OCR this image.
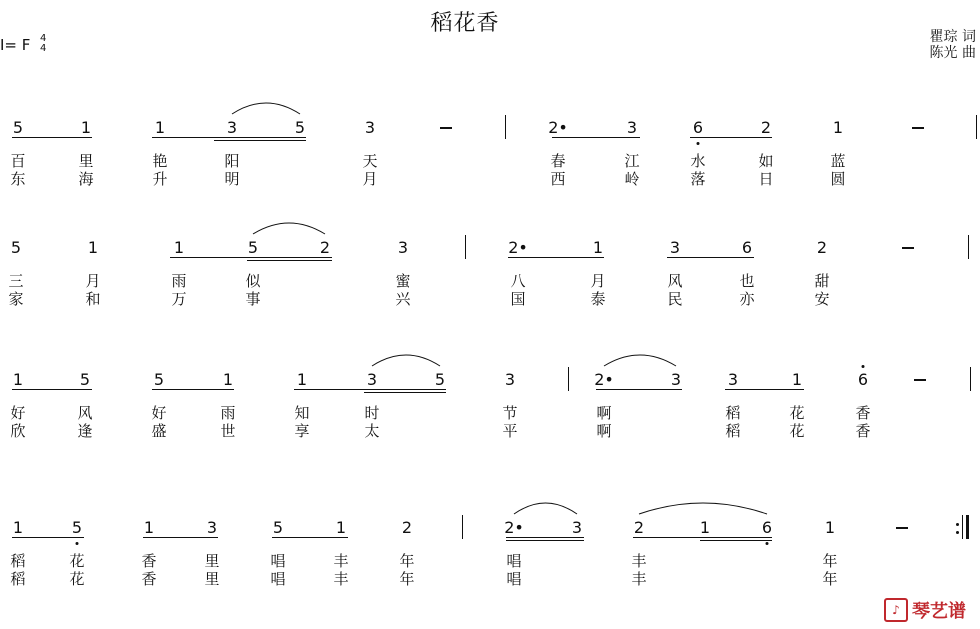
稻花香
I= F 4
4
瞿琮 词
陈光 曲
5	1	1	3	5	3	2•	3	6	2	1
百	里	艳	阳	天	春	江	水	如	蓝
东	海	升	明	月	西	岭	落	日	圆
5	1	1	5	2	3	2•	1	3	6	2
三	月	雨	似	蜜	八	月	风	也	甜
家	和	万	事	兴	国	泰	民	亦	安
1	5	5	1	1	3	5	3	2•	3	3	1	6
好	风	好	雨	知	时	节	啊	稻	花	香
欣	逢	盛	世	享	太	平	啊	稻	花	香
1	5	1	3	5	1	2	2•	3	2	1	6	1
稻	花	香	里	唱	丰	年	唱	丰	年
稻	花	香	里	唱	丰	年	唱	丰	年
♪ 琴艺谱
